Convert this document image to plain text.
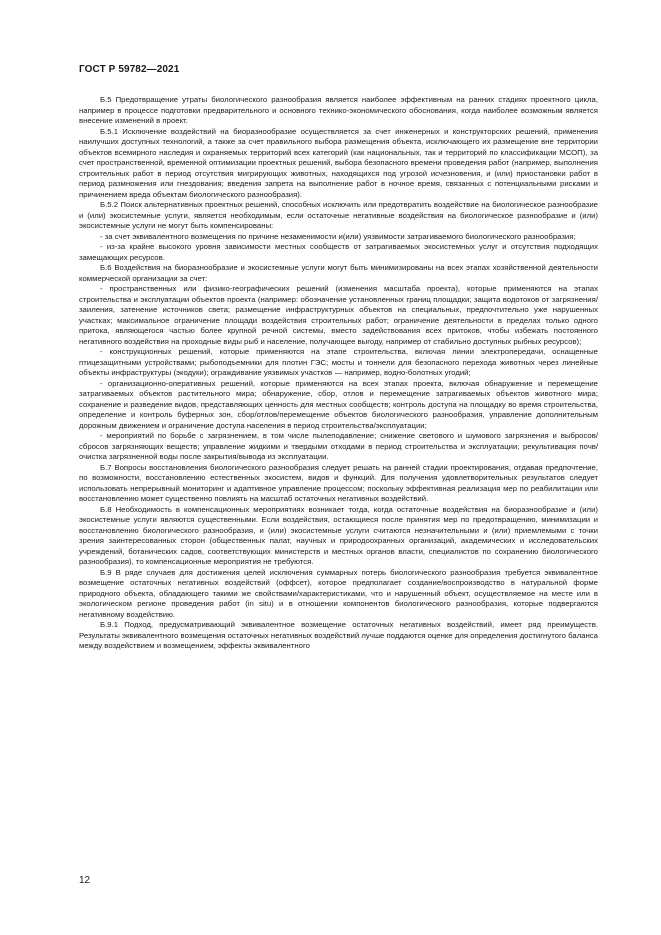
ГОСТ Р 59782—2021

Б.5 Предотвращение утраты биологического разнообразия является наиболее эффективным на ранних стадиях проектного цикла, например в процессе подготовки предварительного и основного технико-экономического обоснования, когда наиболее возможным является внесение изменений в проект.

Б.5.1 Исключение воздействий на биоразнообразие осуществляется за счет инженерных и конструкторских решений, применения наилучших доступных технологий, а также за счет правильного выбора размещения объекта, исключающего их размещение вне территории объектов всемирного наследия и охраняемых территорий всех категорий (как национальных, так и территорий по классификации МСОП), за счет пространственной, временной оптимизации проектных решений, выбора безопасного времени проведения работ (например, выполнения строительных работ в период отсутствия мигрирующих животных, находящихся под угрозой исчезновения, и (или) приостановки работ в период размножения или гнездования; введения запрета на выполнение работ в ночное время, связанных с потенциальными рисками и причинением вреда объектам биологического разнообразия).

Б.5.2 Поиск альтернативных проектных решений, способных исключить или предотвратить воздействие на биологическое разнообразие и (или) экосистемные услуги, является необходимым, если остаточные негативные воздействия на биологическое разнообразие и (или) экосистемные услуги не могут быть компенсированы:

- за счет эквивалентного возмещения по причине незаменимости и(или) уязвимости затрагиваемого биологического разнообразия;

- из-за крайне высокого уровня зависимости местных сообществ от затрагиваемых экосистемных услуг и отсутствия подходящих замещающих ресурсов.

Б.6 Воздействия на биоразнообразие и экосистемные услуги могут быть минимизированы на всех этапах хозяйственной деятельности коммерческой организации за счет:

- пространственных или физико-географических решений (изменения масштаба проекта), которые применяются на этапах строительства и эксплуатации объектов проекта (например: обозначение установленных границ площадки; защита водотоков от загрязнения/заиления, затенение источников света; размещение инфраструктурных объектов на специальных, предпочтительно уже нарушенных участках; максимальное ограничение площади воздействия строительных работ; ограничение деятельности в пределах только одного притока, являющегося частью более крупной речной системы, вместо задействования всех притоков, чтобы избежать постоянного негативного воздействия на проходные виды рыб и население, получающее выгоду, например от стабильно доступных рыбных ресурсов);

- конструкционных решений, которые применяются на этапе строительства, включая линии электропередачи, оснащенные птицезащитными устройствами; рыбоподъемники для плотин ГЭС; мосты и тоннели для безопасного перехода животных через линейные объекты инфраструктуры (экодуки); ограждивание уязвимых участков — например, водно-болотных угодий;

- организационно-оперативных решений, которые применяются на всех этапах проекта, включая обнаружение и перемещение затрагиваемых объектов растительного мира; обнаружение, сбор, отлов и перемещение затрагиваемых объектов животного мира; сохранение и разведение видов, представляющих ценность для местных сообществ; контроль доступа на площадку во время строительства, определение и контроль буферных зон, сбор/отлов/перемещение объектов биологического разнообразия, управление дополнительным дорожным движением и ограничение доступа населения в период строительства/эксплуатации;

- мероприятий по борьбе с загрязнением, в том числе пылеподавление; снижение светового и шумового загрязнения и выбросов/сбросов загрязняющих веществ; управление жидкими и твердыми отходами в период строительства и эксплуатации; рекультивация почв/очистка загрязненной воды после закрытия/вывода из эксплуатации.

Б.7 Вопросы восстановления биологического разнообразия следует решать на ранней стадии проектирования, отдавая предпочтение, по возможности, восстановлению естественных экосистем, видов и функций. Для получения удовлетворительных результатов следует использовать непрерывный мониторинг и адаптивное управление процессом; поскольку эффективная реализация мер по реабилитации или восстановлению может существенно повлиять на масштаб остаточных негативных воздействий.

Б.8 Необходимость в компенсационных мероприятиях возникает тогда, когда остаточные воздействия на биоразнообразие и (или) экосистемные услуги являются существенными. Если воздействия, остающиеся после принятия мер по предотвращению, минимизации и восстановлению биологического разнообразия, и (или) экосистемные услуги считаются незначительными и (или) приемлемыми с точки зрения заинтересованных сторон (общественных палат, научных и природоохранных организаций, академических и исследовательских учреждений, ботанических садов, соответствующих министерств и местных органов власти, специалистов по сохранению биологического разнообразия), то компенсационные мероприятия не требуются.

Б.9 В ряде случаев для достижения целей исключения суммарных потерь биологического разнообразия требуется эквивалентное возмещение остаточных негативных воздействий (оффсет), которое предполагает создание/воспроизводство в натуральной форме природного объекта, обладающего такими же свойствами/характеристиками, что и нарушенный объект, осуществляемое на месте или в экологическом регионе проведения работ (in situ) и в отношении компонентов биологического разнообразия, которые подвергаются негативному воздействию.

Б.9.1 Подход, предусматривающий эквивалентное возмещение остаточных негативных воздействий, имеет ряд преимуществ. Результаты эквивалентного возмещения остаточных негативных воздействий лучше поддаются оценке для определения достигнутого баланса между воздействием и возмещением, эффекты эквивалентного

12
